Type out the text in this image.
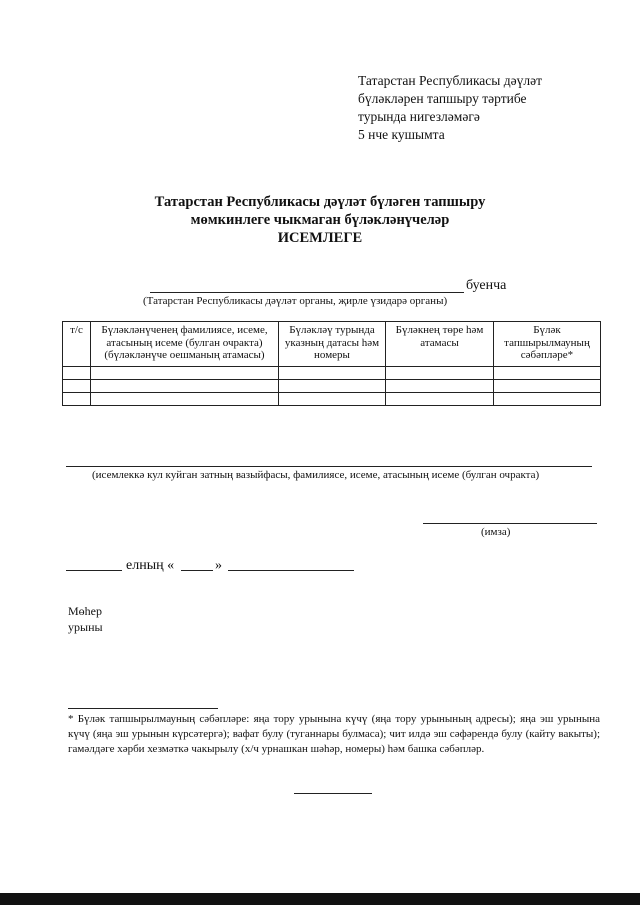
Татарстан Республикасы дәүләт
бүләкләрен тапшыру тәртибе
турында нигезләмәгә
5 нче кушымта
Татарстан Республикасы дәүләт бүләген тапшыру
мөмкинлеге чыкмаган бүләкләнүчеләр
ИСЕМЛЕГЕ
буенча
(Татарстан Республикасы дәүләт органы, җирле үзидарә органы)
т/с	Бүләкләнүченең фамилиясе, исеме, атасының исеме (булган очракта) (бүләкләнүче оешманың атамасы)	Бүләкләү турында указның датасы һәм номеры	Бүләкнең төре һәм атамасы	Бүләк тапшырылмауның сәбәпләре*

(исемлеккә кул куйган затның вазыйфасы, фамилиясе, исеме, атасының исеме (булган очракта)
(имза)
елның «	»
Мөһер
урыны
* Бүләк тапшырылмауның сәбәпләре: яңа тору урынына күчү (яңа тору урынының адресы); яңа эш урынына күчү (яңа эш урынын күрсәтергә); вафат булу (туганнары булмаса); чит илдә эш сәфәрендә булу (кайту вакыты); гамәлдәге хәрби хезмәткә чакырылу (х/ч урнашкан шәһәр, номеры) һәм башка сәбәпләр.
